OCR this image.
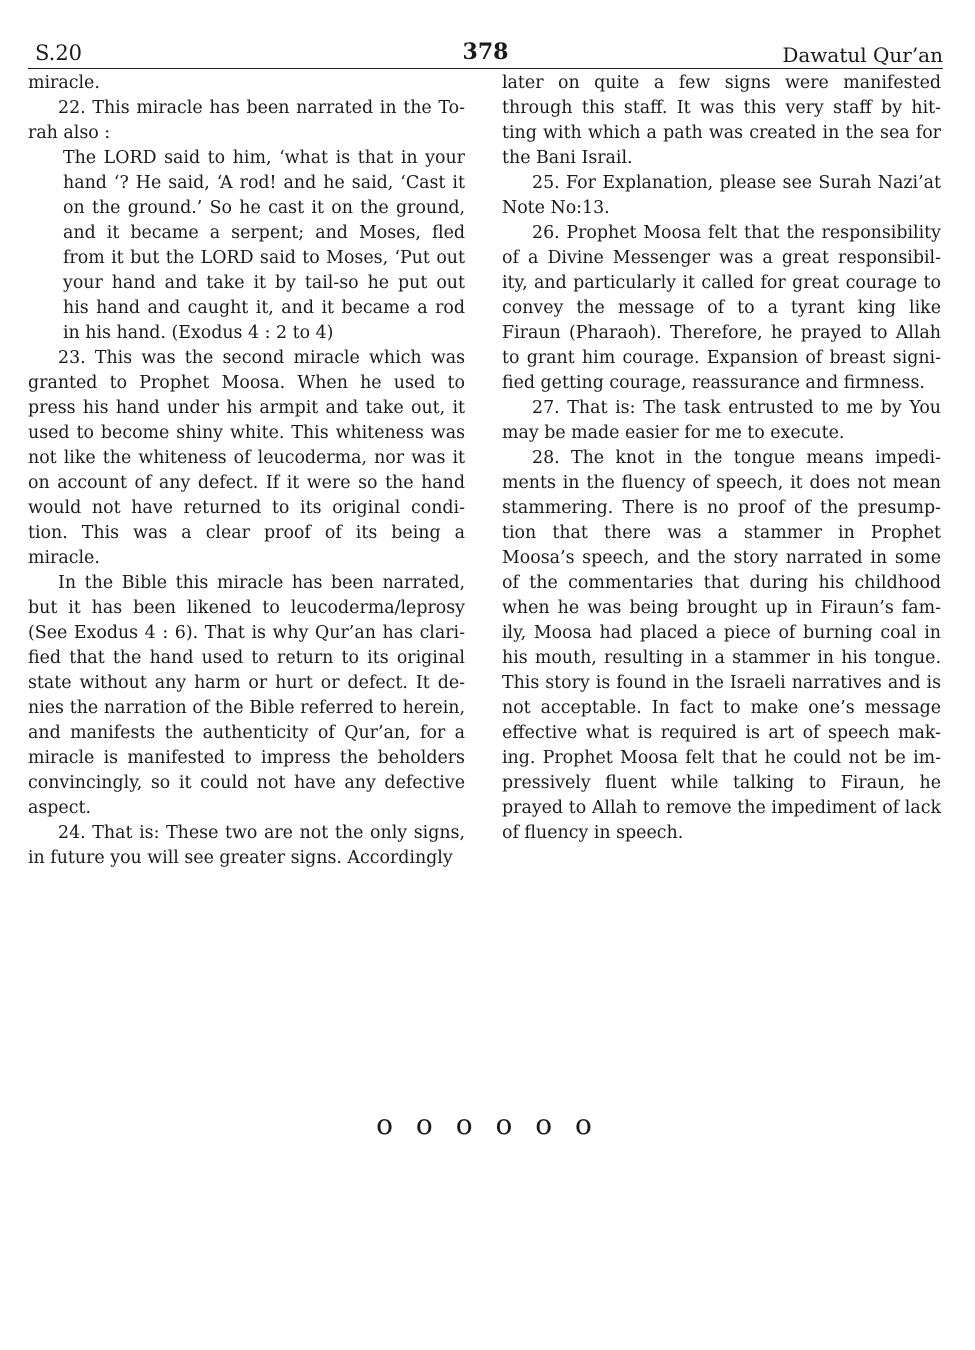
S.20	378	Dawatul Qur’an

miracle.

22. This miracle has been narrated in the To-rah also :

The LORD said to him, ‘what is that in your hand ‘? He said, ‘A rod! and he said, ‘Cast it on the ground.’ So he cast it on the ground, and it became a serpent; and Moses, fled from it but the LORD said to Moses, ‘Put out your hand and take it by tail-so he put out his hand and caught it, and it became a rod in his hand. (Exodus 4 : 2 to 4)

23. This was the second miracle which was granted to Prophet Moosa. When he used to press his hand under his armpit and take out, it used to become shiny white. This whiteness was not like the whiteness of leucoderma, nor was it on account of any defect. If it were so the hand would not have returned to its original condi-tion. This was a clear proof of its being a miracle.

In the Bible this miracle has been narrated, but it has been likened to leucoderma/leprosy (See Exodus 4 : 6). That is why Qur’an has clari-fied that the hand used to return to its original state without any harm or hurt or defect. It de-nies the narration of the Bible referred to herein, and manifests the authenticity of Qur’an, for a miracle is manifested to impress the beholders convincingly, so it could not have any defective aspect.

24. That is: These two are not the only signs, in future you will see greater signs. Accordingly

later on quite a few signs were manifested through this staff. It was this very staff by hit-ting with which a path was created in the sea for the Bani Israil.

25. For Explanation, please see Surah Nazi’at Note No:13.

26. Prophet Moosa felt that the responsibility of a Divine Messenger was a great responsibil-ity, and particularly it called for great courage to convey the message of to a tyrant king like Firaun (Pharaoh). Therefore, he prayed to Allah to grant him courage. Expansion of breast signi-fied getting courage, reassurance and firmness.

27. That is: The task entrusted to me by You may be made easier for me to execute.

28. The knot in the tongue means impedi-ments in the fluency of speech, it does not mean stammering. There is no proof of the presump-tion that there was a stammer in Prophet Moosa’s speech, and the story narrated in some of the commentaries that during his childhood when he was being brought up in Firaun’s fam-ily, Moosa had placed a piece of burning coal in his mouth, resulting in a stammer in his tongue. This story is found in the Israeli narratives and is not acceptable. In fact to make one’s message effective what is required is art of speech mak-ing. Prophet Moosa felt that he could not be im-pressively fluent while talking to Firaun, he prayed to Allah to remove the impediment of lack of fluency in speech.

o o o o o o
